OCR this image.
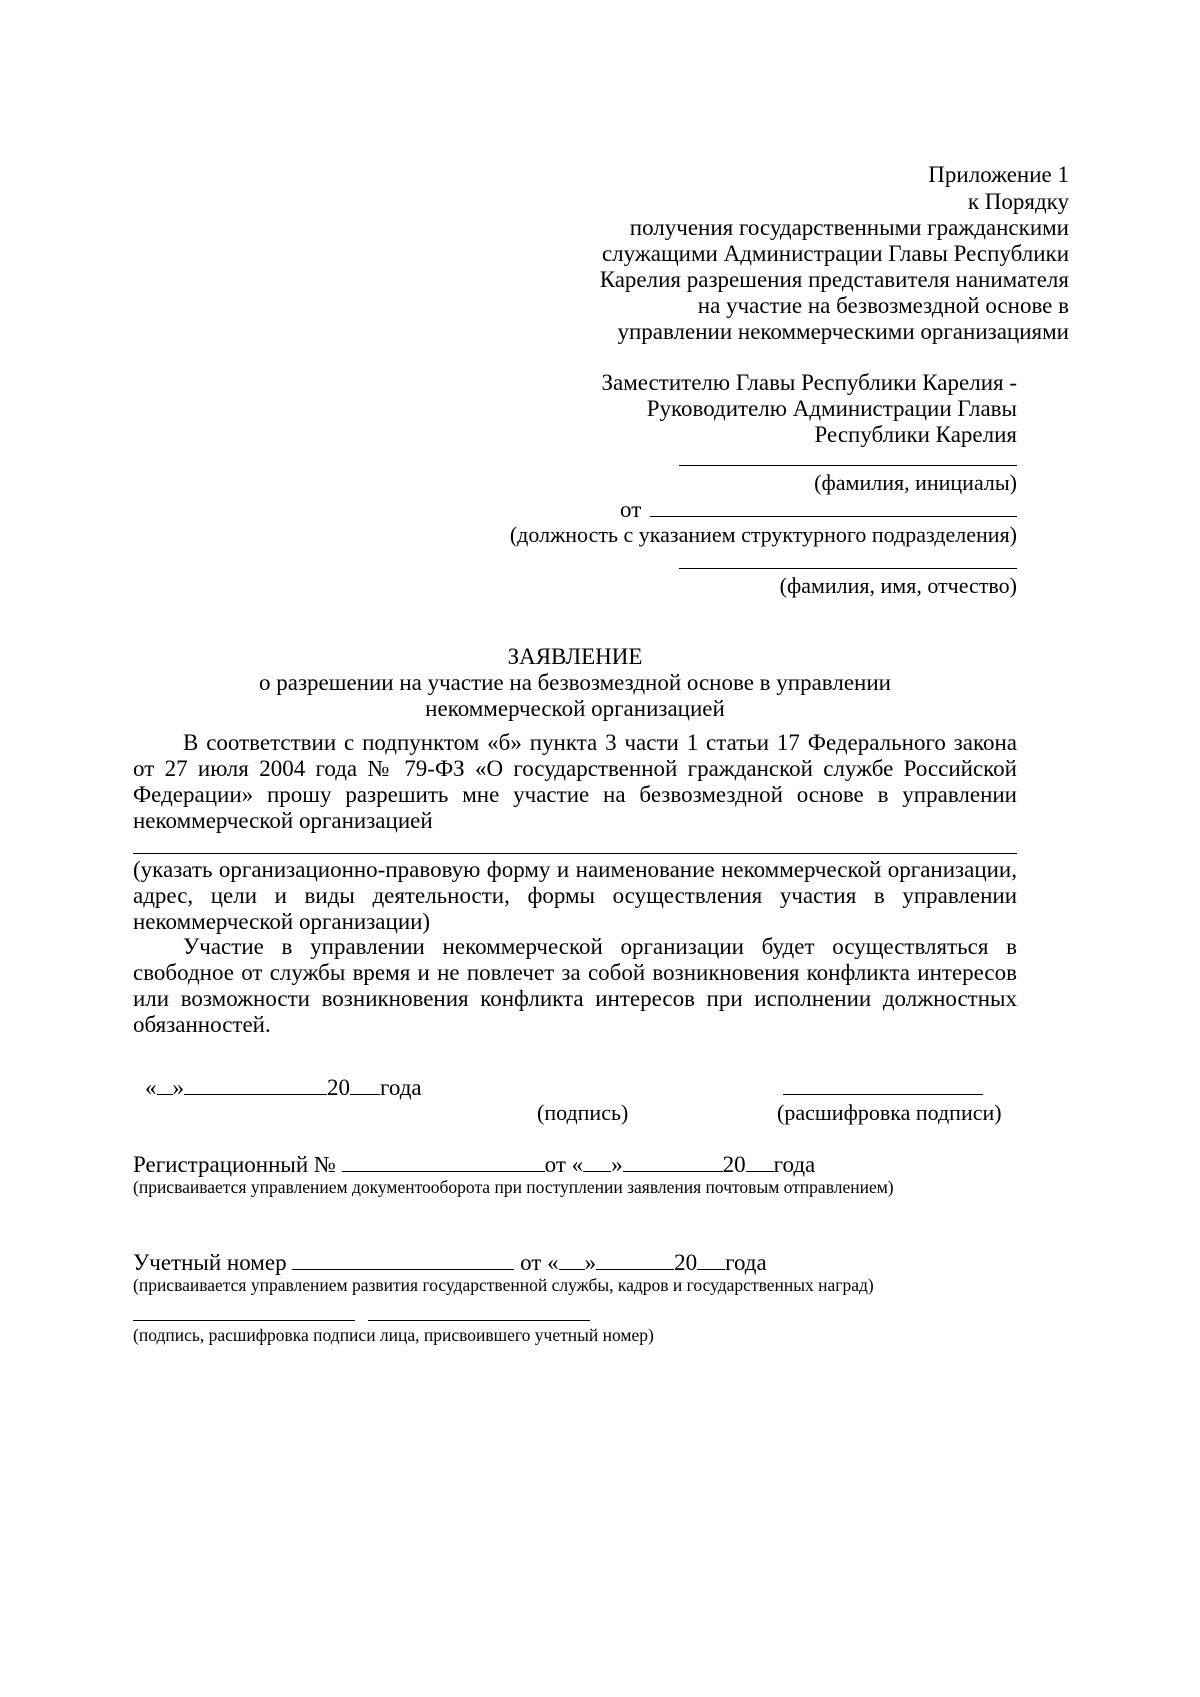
Приложение 1
к Порядку
получения государственными гражданскими
служащими Администрации Главы Республики
Карелия разрешения представителя нанимателя
на участие на безвозмездной основе в
управлении некоммерческими организациями
Заместителю Главы Республики Карелия -
Руководителю Администрации Главы
Республики Карелия
(фамилия, инициалы)
от
(должность с указанием структурного подразделения)
(фамилия, имя, отчество)
ЗАЯВЛЕНИЕ
о разрешении на участие на безвозмездной основе в управлении
некоммерческой организацией
В соответствии с подпунктом «б» пункта 3 части 1 статьи 17 Федерального закона от 27 июля 2004 года № 79-ФЗ «О государственной гражданской службе Российской Федерации» прошу разрешить мне участие на безвозмездной основе в управлении некоммерческой организацией
(указать организационно-правовую форму и наименование некоммерческой организации, адрес, цели и виды деятельности, формы осуществления участия в управлении некоммерческой организации)
Участие в управлении некоммерческой организации будет осуществляться в свободное от службы время и не повлечет за собой возникновения конфликта интересов или возможности возникновения конфликта интересов при исполнении должностных обязанностей.
« »	20 года
(подпись)	(расшифровка подписи)
Регистрационный №	от « »	20 года
(присваивается управлением документооборота при поступлении заявления почтовым отправлением)
Учетный номер	от « »	20 года
(присваивается управлением развития государственной службы, кадров и государственных наград)
(подпись, расшифровка подписи лица, присвоившего учетный номер)
